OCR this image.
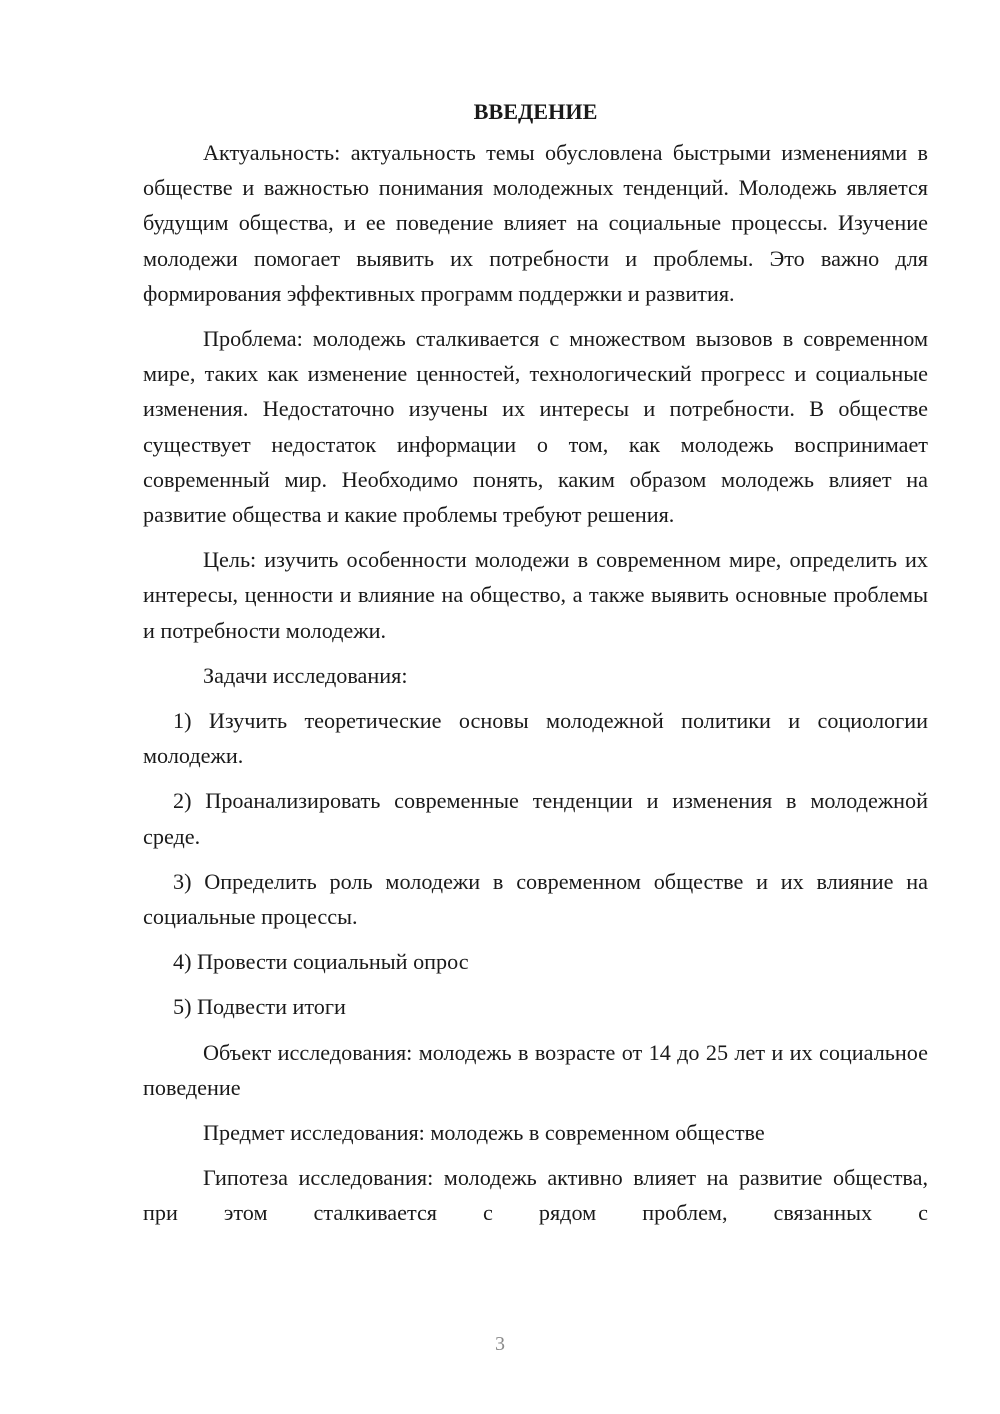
ВВЕДЕНИЕ

Актуальность: актуальность темы обусловлена быстрыми изменениями в обществе и важностью понимания молодежных тенденций. Молодежь является будущим общества, и ее поведение влияет на социальные процессы. Изучение молодежи помогает выявить их потребности и проблемы. Это важно для формирования эффективных программ поддержки и развития.

Проблема: молодежь сталкивается с множеством вызовов в современном мире, таких как изменение ценностей, технологический прогресс и социальные изменения. Недостаточно изучены их интересы и потребности. В обществе существует недостаток информации о том, как молодежь воспринимает современный мир. Необходимо понять, каким образом молодежь влияет на развитие общества и какие проблемы требуют решения.

Цель: изучить особенности молодежи в современном мире, определить их интересы, ценности и влияние на общество, а также выявить основные проблемы и потребности молодежи.

Задачи исследования:

1) Изучить теоретические основы молодежной политики и социологии молодежи.

2) Проанализировать современные тенденции и изменения в молодежной среде.

3) Определить роль молодежи в современном обществе и их влияние на социальные процессы.

4) Провести социальный опрос

5) Подвести итоги

Объект исследования: молодежь в возрасте от 14 до 25 лет и их социальное поведение

Предмет исследования: молодежь в современном обществе

Гипотеза исследования: молодежь активно влияет на развитие общества, при этом сталкивается с рядом проблем, связанных с

3
